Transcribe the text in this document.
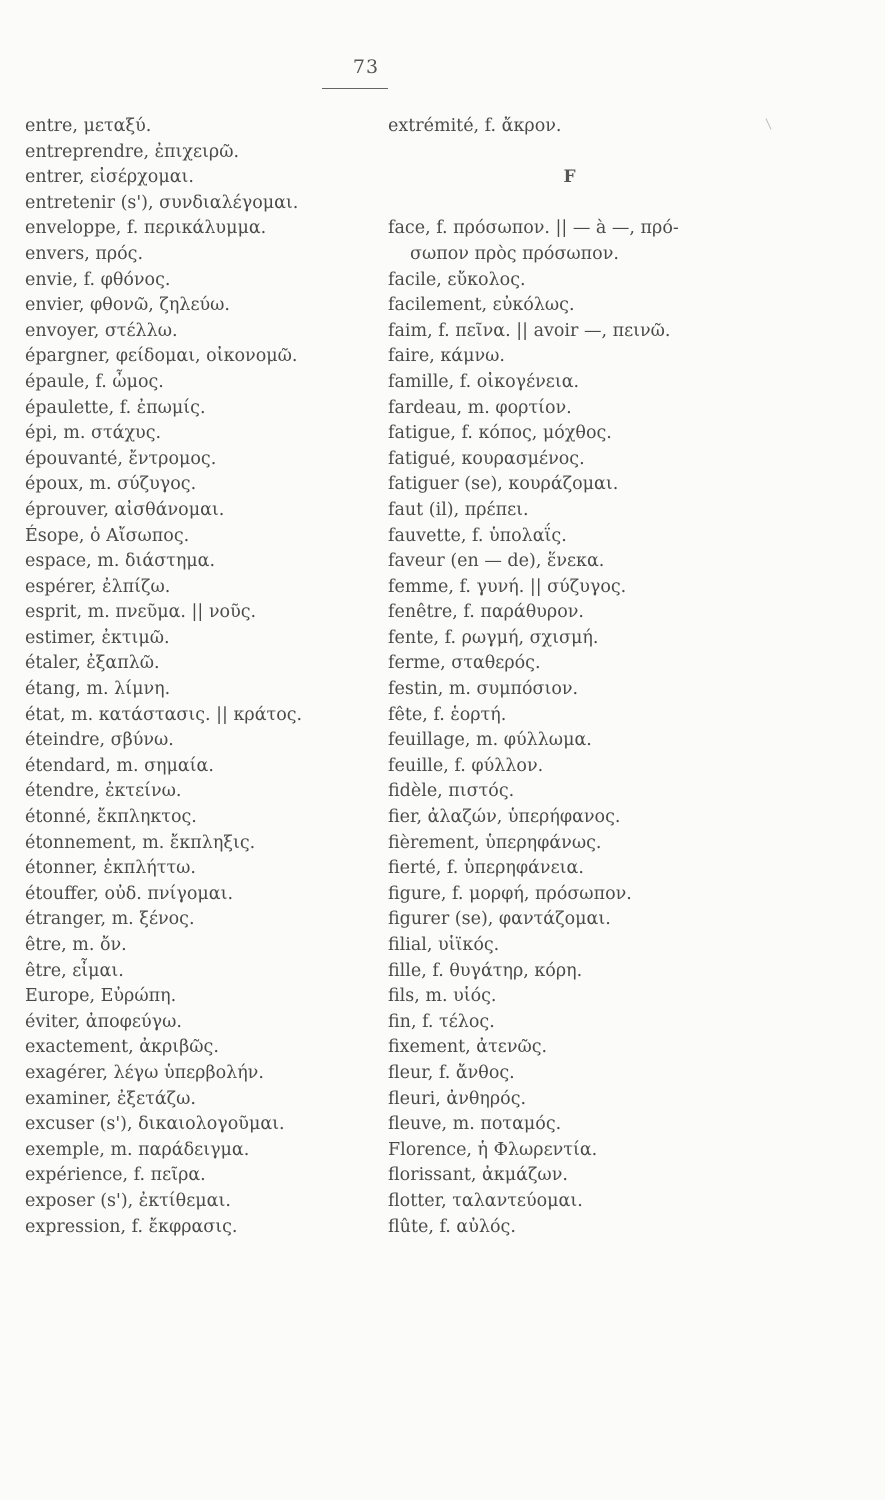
73
entre, μεταξύ.
entreprendre, ἐπιχειρῶ.
entrer, εἰσέρχομαι.
entretenir (s'), συνδιαλέγομαι.
enveloppe, f. περικάλυμμα.
envers, πρός.
envie, f. φθόνος.
envier, φθονῶ, ζηλεύω.
envoyer, στέλλω.
épargner, φείδομαι, οἰκονομῶ.
épaule, f. ὦμος.
épaulette, f. ἐπωμίς.
épi, m. στάχυς.
épouvanté, ἔντρομος.
époux, m. σύζυγος.
éprouver, αἰσθάνομαι.
Ésope, ὁ Αἴσωπος.
espace, m. διάστημα.
espérer, ἐλπίζω.
esprit, m. πνεῦμα. || νοῦς.
estimer, ἐκτιμῶ.
étaler, ἐξαπλῶ.
étang, m. λίμνη.
état, m. κατάστασις. || κράτος.
éteindre, σβύνω.
étendard, m. σημαία.
étendre, ἐκτείνω.
étonné, ἔκπληκτος.
étonnement, m. ἔκπληξις.
étonner, ἐκπλήττω.
étouffer, οὐδ. πνίγομαι.
étranger, m. ξένος.
être, m. ὄν.
être, εἶμαι.
Europe, Εὐρώπη.
éviter, ἀποφεύγω.
exactement, ἀκριβῶς.
exagérer, λέγω ὑπερβολήν.
examiner, ἐξετάζω.
excuser (s'), δικαιολογοῦμαι.
exemple, m. παράδειγμα.
expérience, f. πεῖρα.
exposer (s'), ἐκτίθεμαι.
expression, f. ἔκφρασις.
extrémité, f. ἄκρον.
F
face, f. πρόσωπον. || — à —, πρό-
σωπον πρὸς πρόσωπον.
facile, εὔκολος.
facilement, εὐκόλως.
faim, f. πεῖνα. || avoir —, πεινῶ.
faire, κάμνω.
famille, f. οἰκογένεια.
fardeau, m. φορτίον.
fatigue, f. κόπος, μόχθος.
fatigué, κουρασμένος.
fatiguer (se), κουράζομαι.
faut (il), πρέπει.
fauvette, f. ὑπολαΐς.
faveur (en — de), ἕνεκα.
femme, f. γυνή. || σύζυγος.
fenêtre, f. παράθυρον.
fente, f. ρωγμή, σχισμή.
ferme, σταθερός.
festin, m. συμπόσιον.
fête, f. ἑορτή.
feuillage, m. φύλλωμα.
feuille, f. φύλλον.
fidèle, πιστός.
fier, ἀλαζών, ὑπερήφανος.
fièrement, ὑπερηφάνως.
fierté, f. ὑπερηφάνεια.
figure, f. μορφή, πρόσωπον.
figurer (se), φαντάζομαι.
filial, υἱϊκός.
fille, f. θυγάτηρ, κόρη.
fils, m. υἱός.
fin, f. τέλος.
fixement, ἀτενῶς.
fleur, f. ἄνθος.
fleuri, ἀνθηρός.
fleuve, m. ποταμός.
Florence, ἡ Φλωρεντία.
florissant, ἀκμάζων.
flotter, ταλαντεύομαι.
flûte, f. αὐλός.
